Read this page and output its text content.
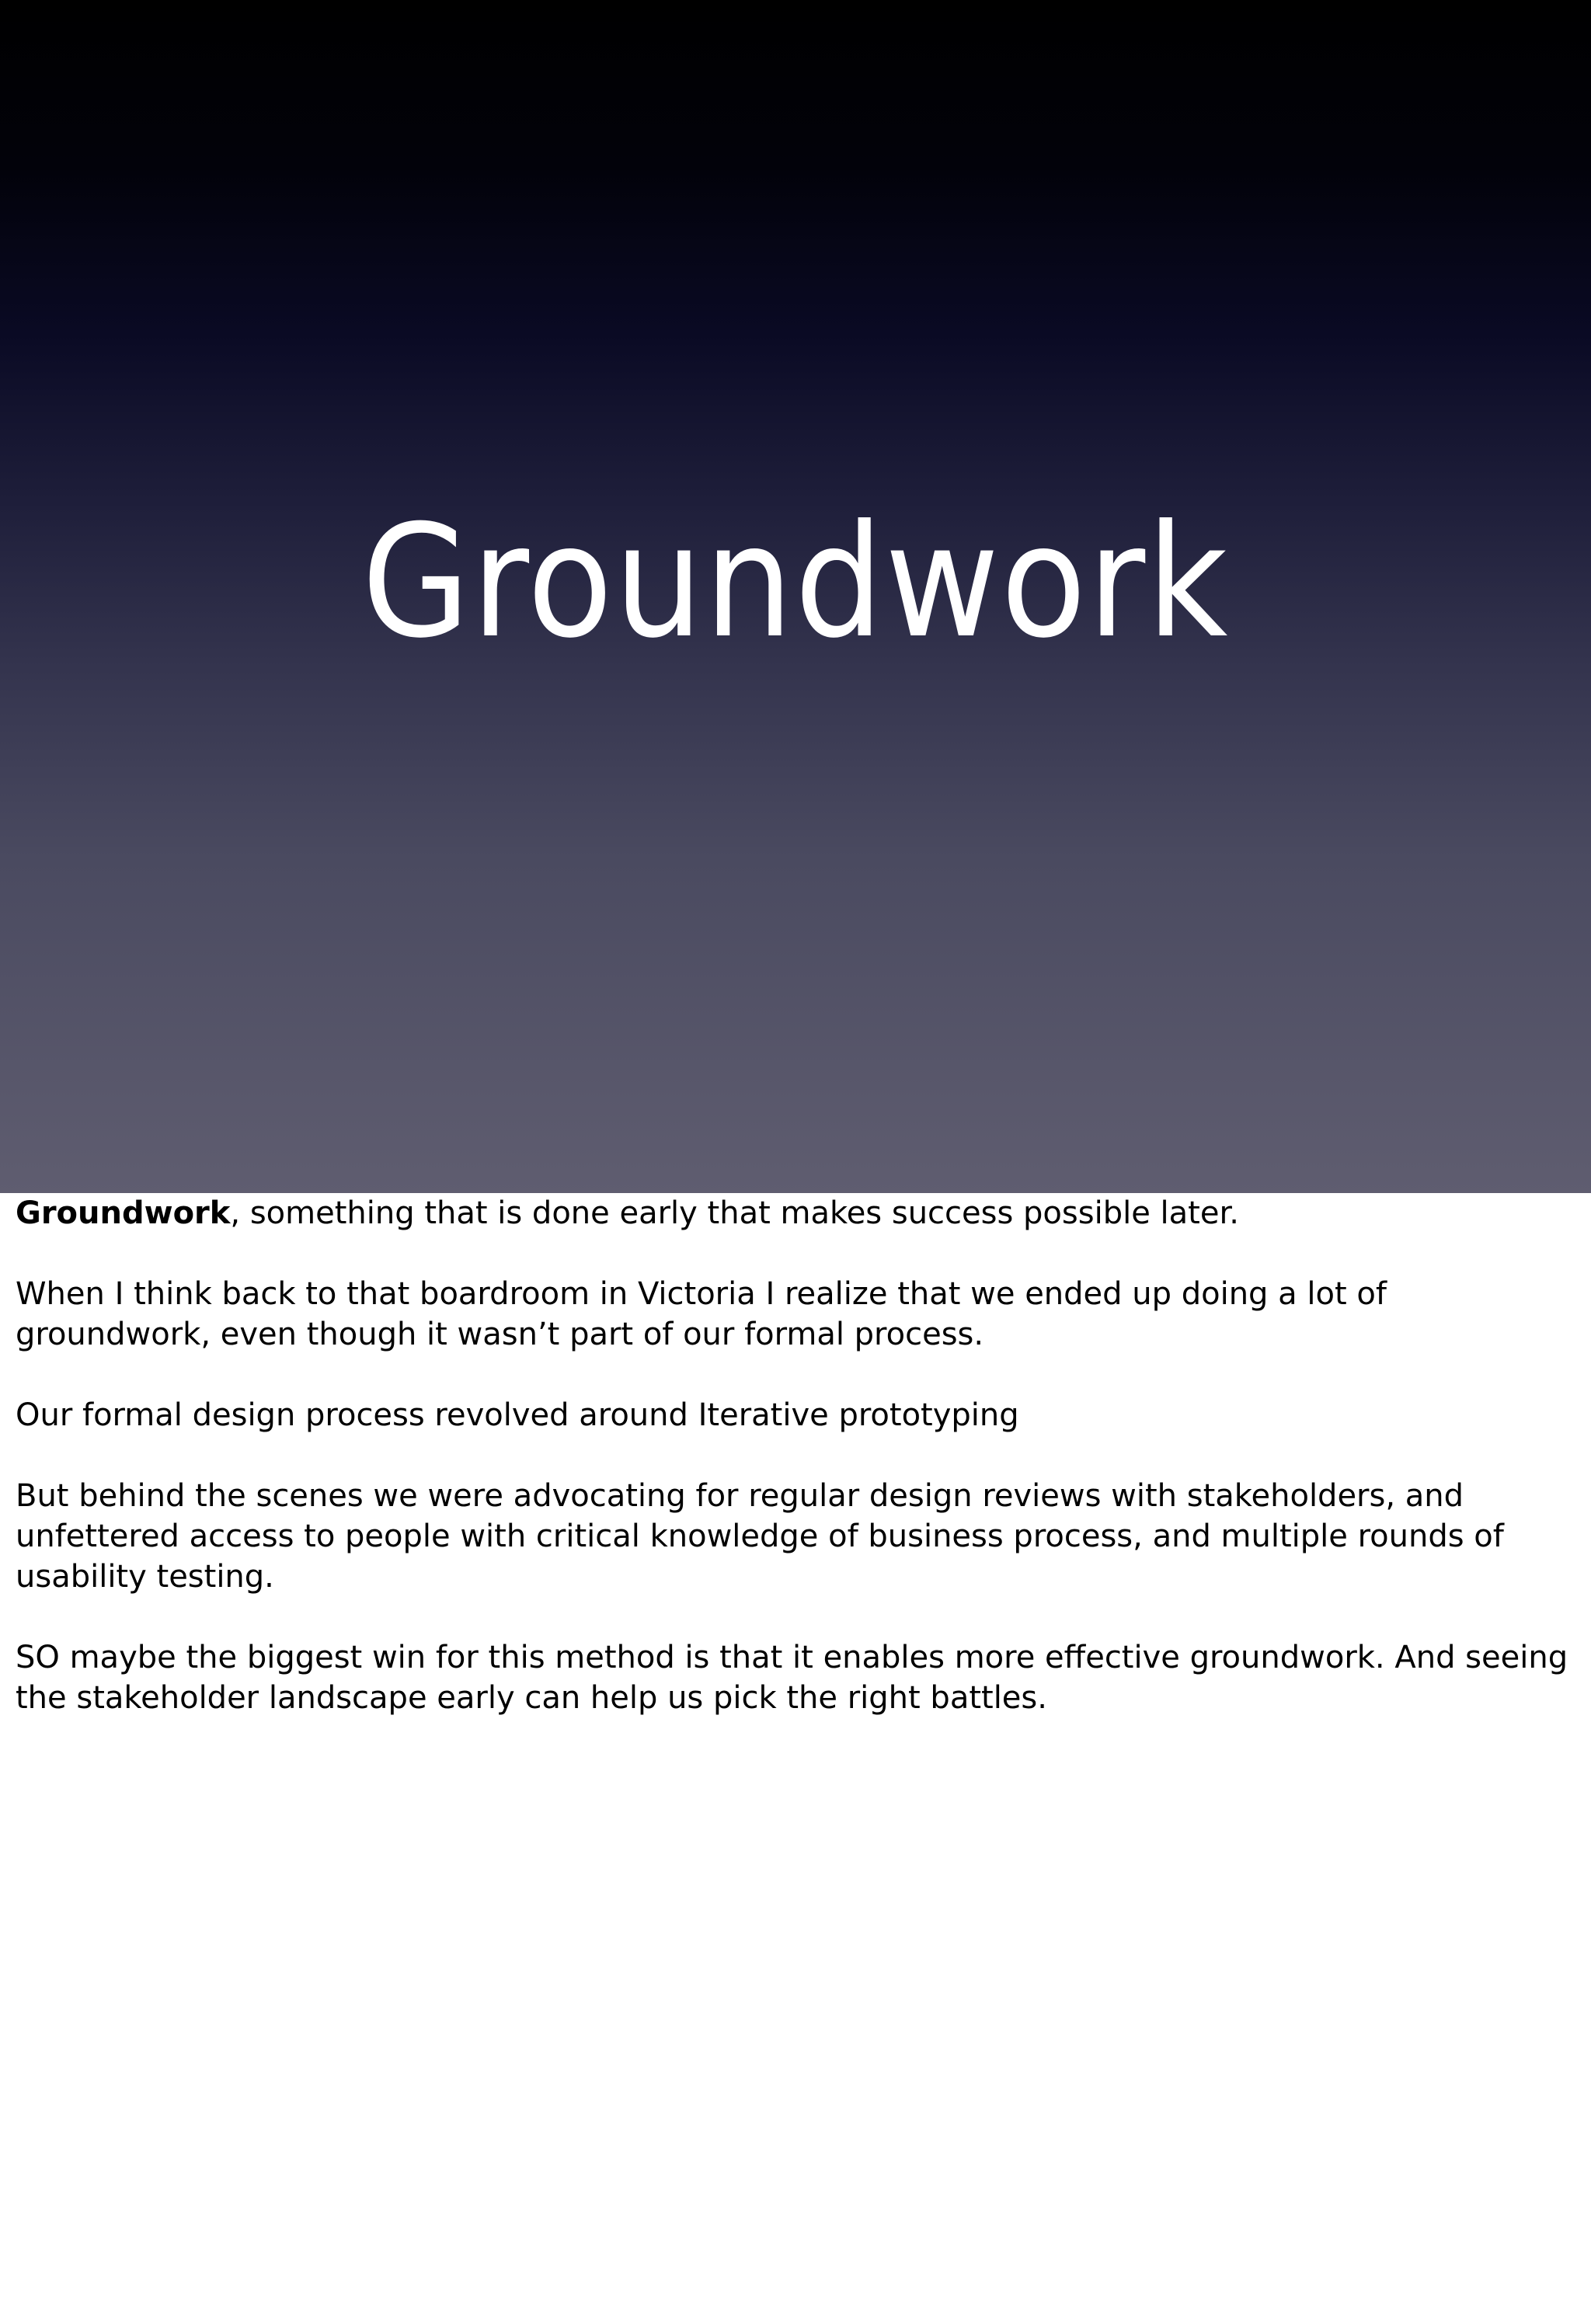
Groundwork

Groundwork, something that is done early that makes success possible later.

When I think back to that boardroom in Victoria I realize that we ended up doing a lot of groundwork, even though it wasn’t part of our formal process.

Our formal design process revolved around Iterative prototyping

But behind the scenes we were advocating for regular design reviews with stakeholders, and unfettered access to people with critical knowledge of business process, and multiple rounds of usability testing.

SO maybe the biggest win for this method is that it enables more effective groundwork. And seeing the stakeholder landscape early can help us pick the right battles.
